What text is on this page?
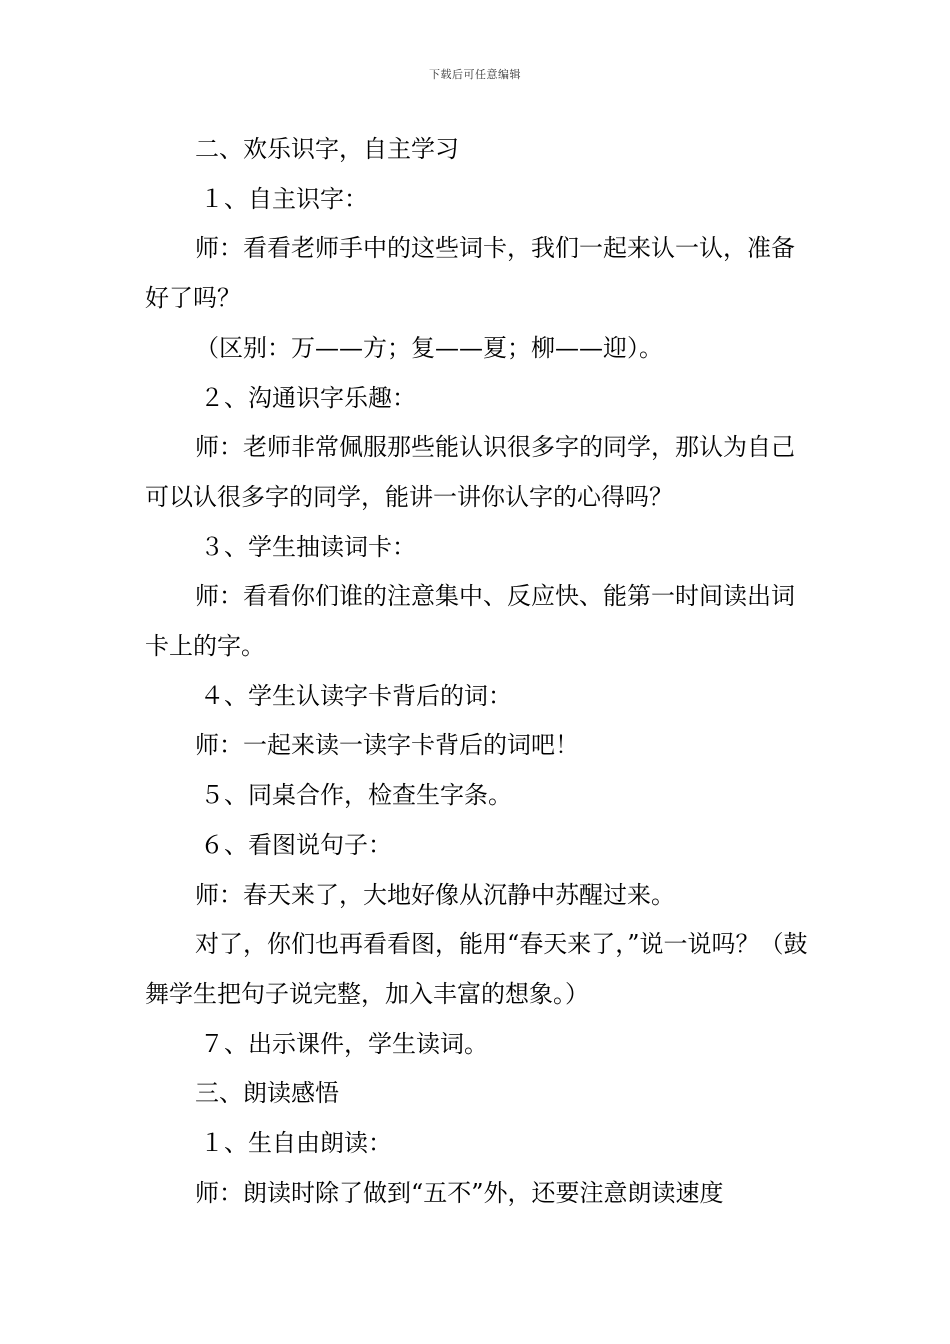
下载后可任意编辑

二、欢乐识字，自主学习

１、自主识字：

师：看看老师手中的这些词卡，我们一起来认一认，准备好了吗？

（区别：万——方；复——夏；柳——迎）。

２、沟通识字乐趣：

师：老师非常佩服那些能认识很多字的同学，那认为自己可以认很多字的同学，能讲一讲你认字的心得吗？

３、学生抽读词卡：

师：看看你们谁的注意集中、反应快、能第一时间读出词卡上的字。

４、学生认读字卡背后的词：

师：一起来读一读字卡背后的词吧！

５、同桌合作，检查生字条。

６、看图说句子：

师：春天来了，大地好像从沉静中苏醒过来。

对了，你们也再看看图，能用“春天来了，”说一说吗？（鼓舞学生把句子说完整，加入丰富的想象。）

７、出示课件，学生读词。

三、朗读感悟

１、生自由朗读：

师：朗读时除了做到“五不”外，还要注意朗读速度
